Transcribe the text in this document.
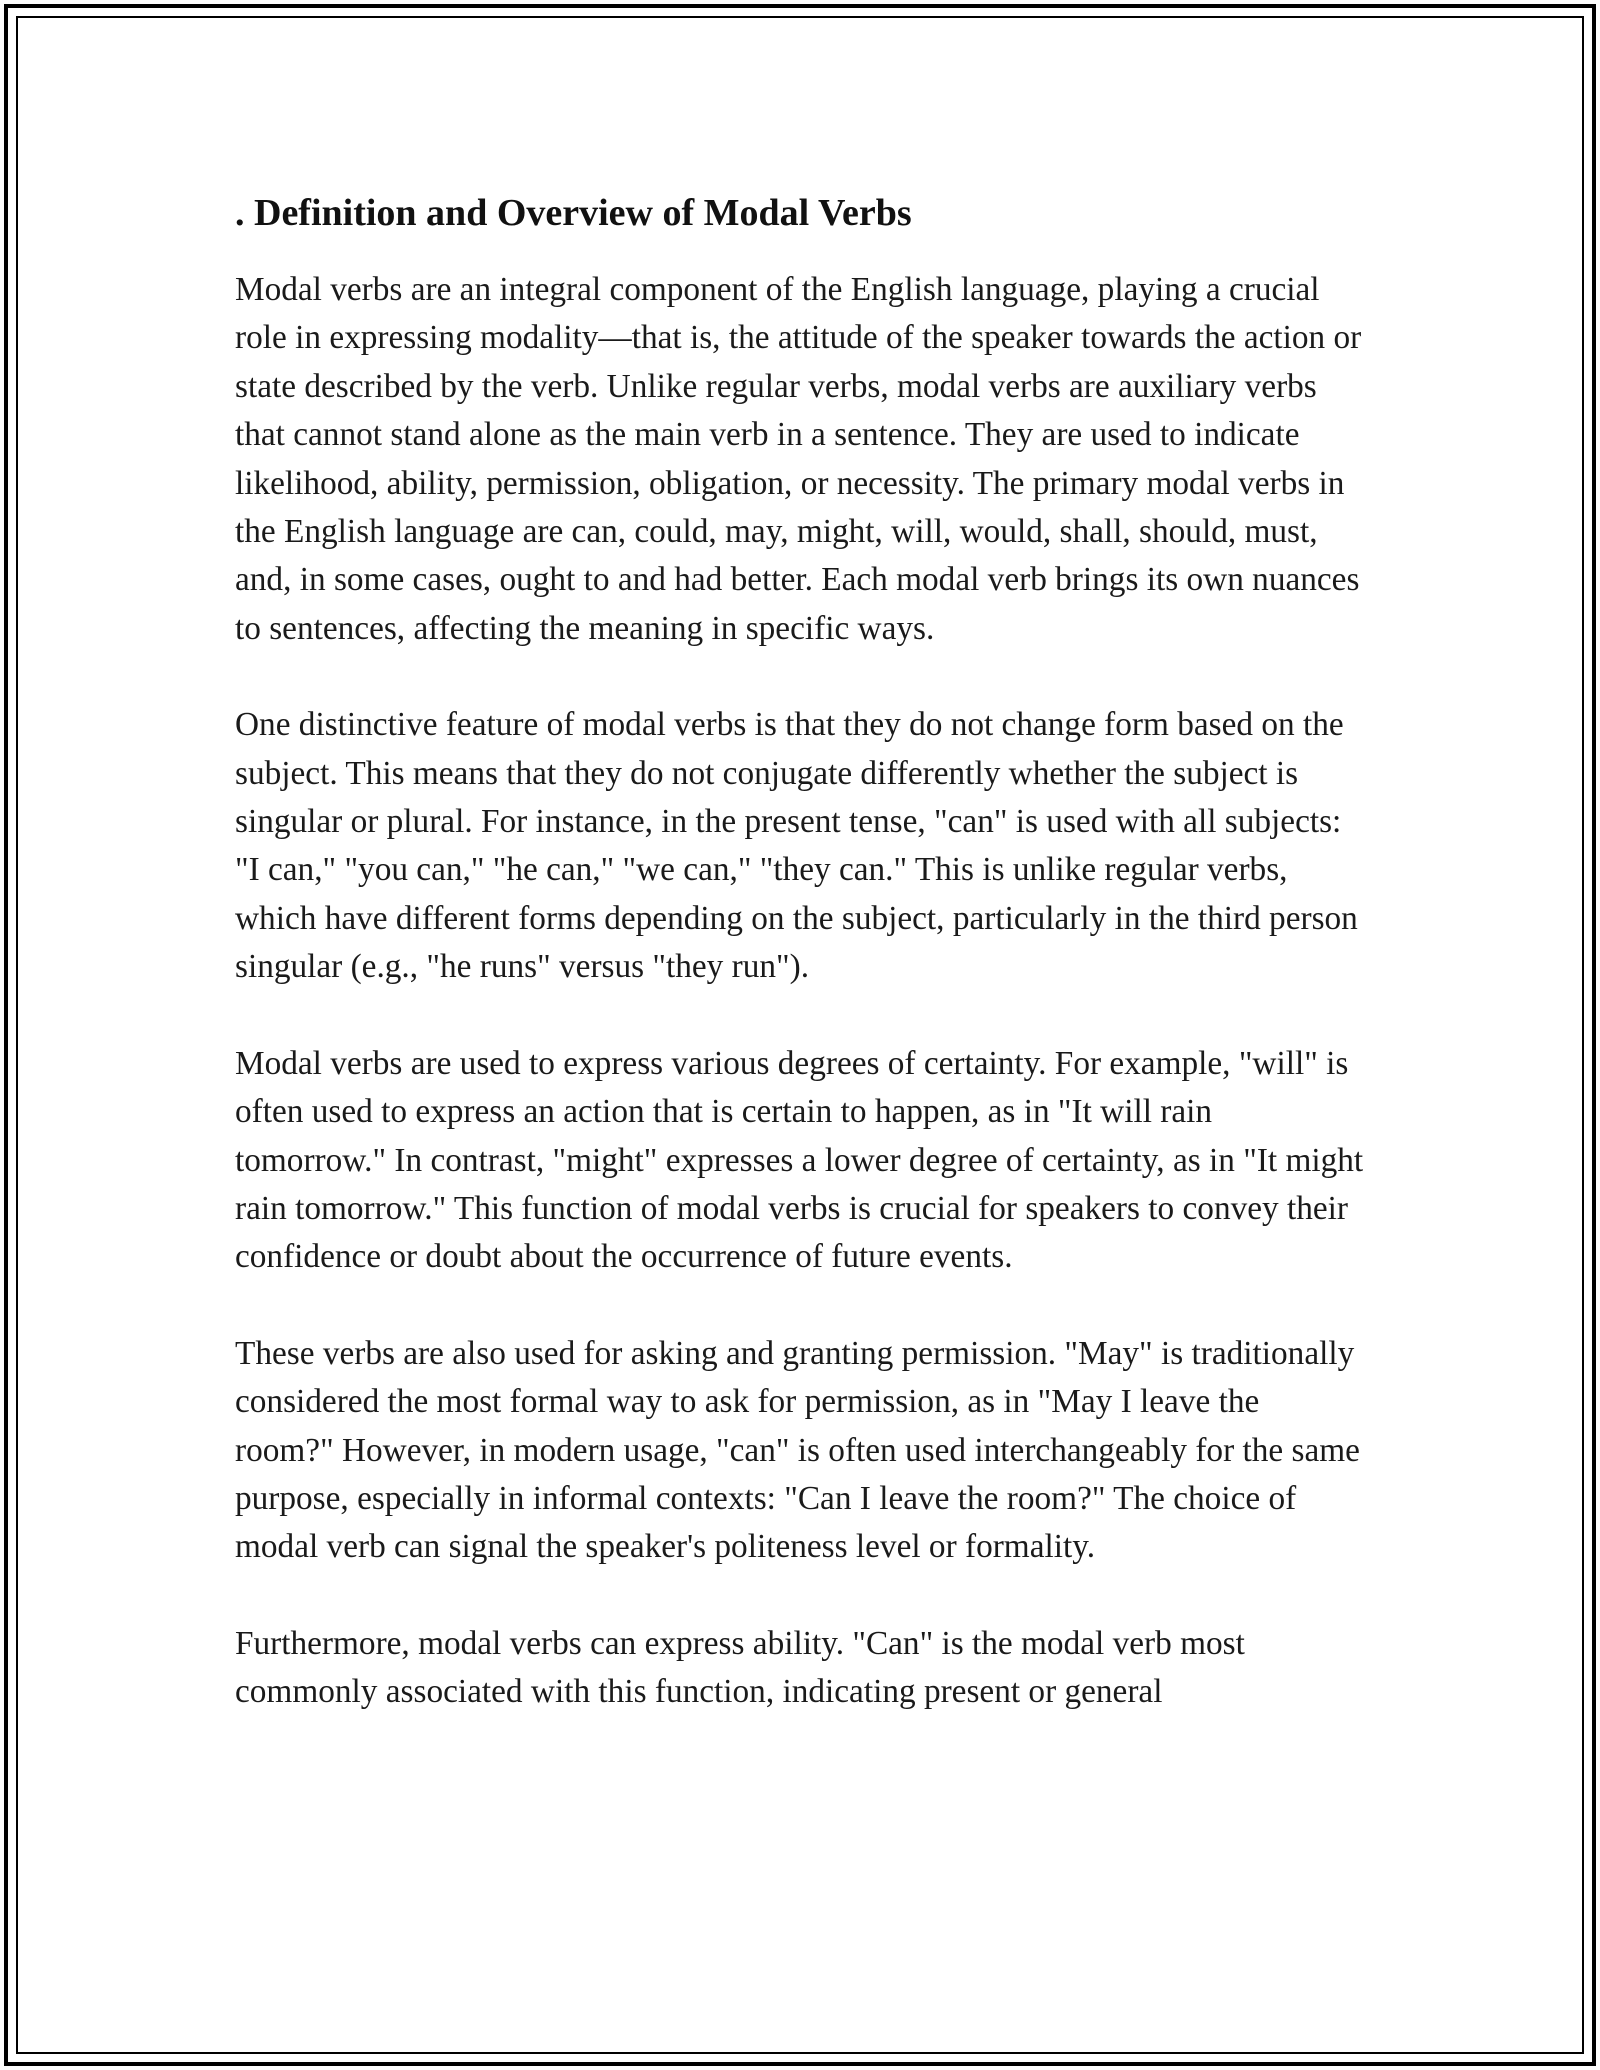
. Definition and Overview of Modal Verbs

Modal verbs are an integral component of the English language, playing a crucial role in expressing modality—that is, the attitude of the speaker towards the action or state described by the verb. Unlike regular verbs, modal verbs are auxiliary verbs that cannot stand alone as the main verb in a sentence. They are used to indicate likelihood, ability, permission, obligation, or necessity. The primary modal verbs in the English language are can, could, may, might, will, would, shall, should, must, and, in some cases, ought to and had better. Each modal verb brings its own nuances to sentences, affecting the meaning in specific ways.

One distinctive feature of modal verbs is that they do not change form based on the subject. This means that they do not conjugate differently whether the subject is singular or plural. For instance, in the present tense, "can" is used with all subjects: "I can," "you can," "he can," "we can," "they can." This is unlike regular verbs, which have different forms depending on the subject, particularly in the third person singular (e.g., "he runs" versus "they run").

Modal verbs are used to express various degrees of certainty. For example, "will" is often used to express an action that is certain to happen, as in "It will rain tomorrow." In contrast, "might" expresses a lower degree of certainty, as in "It might rain tomorrow." This function of modal verbs is crucial for speakers to convey their confidence or doubt about the occurrence of future events.

These verbs are also used for asking and granting permission. "May" is traditionally considered the most formal way to ask for permission, as in "May I leave the room?" However, in modern usage, "can" is often used interchangeably for the same purpose, especially in informal contexts: "Can I leave the room?" The choice of modal verb can signal the speaker's politeness level or formality.

Furthermore, modal verbs can express ability. "Can" is the modal verb most commonly associated with this function, indicating present or general
